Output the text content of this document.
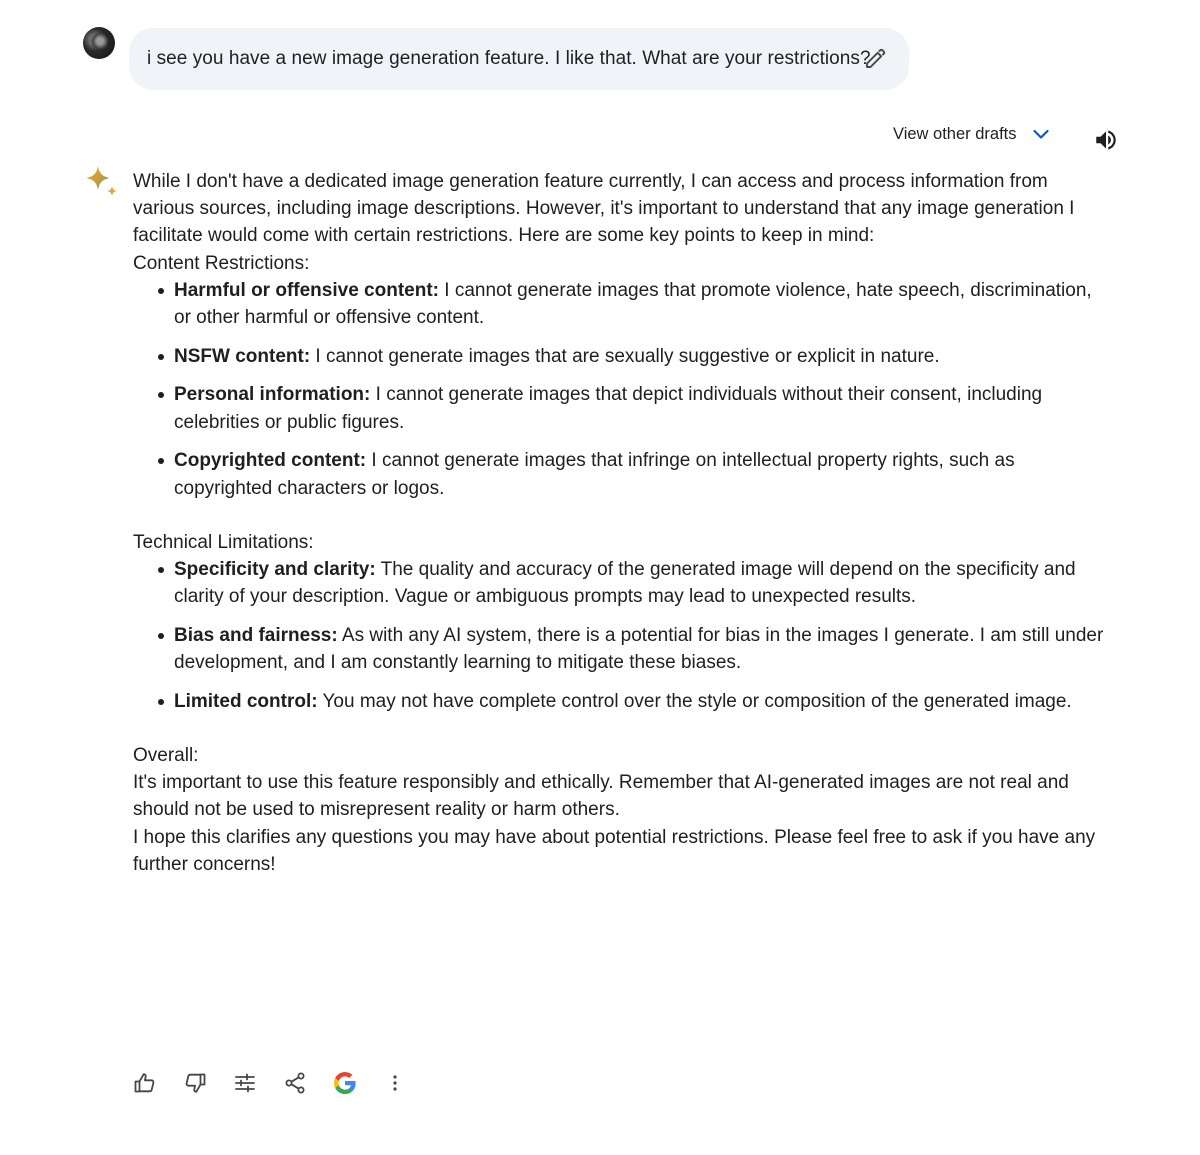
i see you have a new image generation feature. I like that. What are your restrictions?
View other drafts

While I don't have a dedicated image generation feature currently, I can access and process information from various sources, including image descriptions. However, it's important to understand that any image generation I facilitate would come with certain restrictions. Here are some key points to keep in mind:

Content Restrictions:

Harmful or offensive content: I cannot generate images that promote violence, hate speech, discrimination, or other harmful or offensive content.
NSFW content: I cannot generate images that are sexually suggestive or explicit in nature.
Personal information: I cannot generate images that depict individuals without their consent, including celebrities or public figures.
Copyrighted content: I cannot generate images that infringe on intellectual property rights, such as copyrighted characters or logos.

Technical Limitations:

Specificity and clarity: The quality and accuracy of the generated image will depend on the specificity and clarity of your description. Vague or ambiguous prompts may lead to unexpected results.
Bias and fairness: As with any AI system, there is a potential for bias in the images I generate. I am still under development, and I am constantly learning to mitigate these biases.
Limited control: You may not have complete control over the style or composition of the generated image.

Overall:

It's important to use this feature responsibly and ethically. Remember that AI-generated images are not real and should not be used to misrepresent reality or harm others.

I hope this clarifies any questions you may have about potential restrictions. Please feel free to ask if you have any further concerns!
